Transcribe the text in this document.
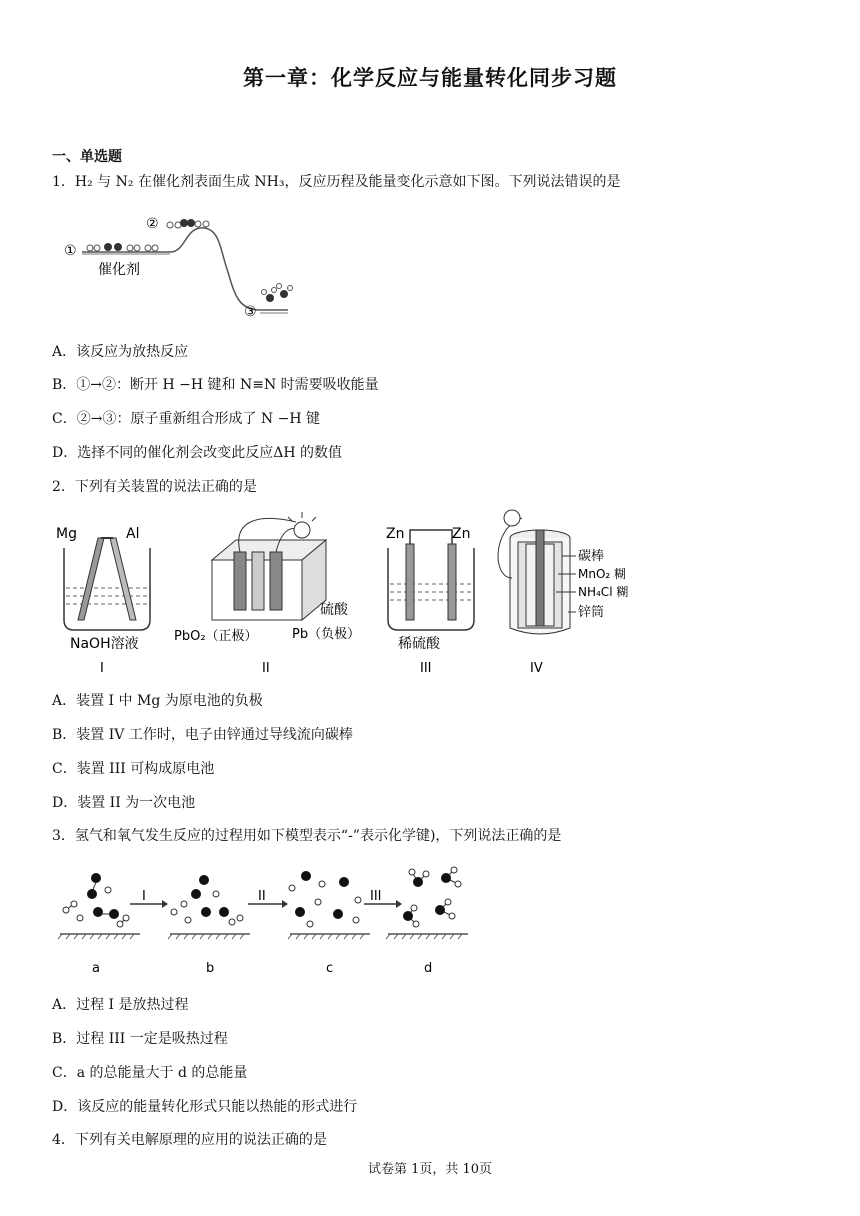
第一章：化学反应与能量转化同步习题
一、单选题
1．H₂ 与 N₂ 在催化剂表面生成 NH₃，反应历程及能量变化示意如下图。下列说法错误的是
①
②
③
催化剂
A．该反应为放热反应
B．①→②：断开 H −H 键和 N≡N 时需要吸收能量
C．②→③：原子重新组合形成了 N −H 键
D．选择不同的催化剂会改变此反应ΔH 的数值
2．下列有关装置的说法正确的是
Mg	Al
NaOH溶液
I
硫酸
PbO₂（正极）	Pb（负极）
II
Zn	Zn
稀硫酸
III
碳棒
MnO₂ 糊
NH₄Cl 糊
锌筒
IV
A．装置 I 中 Mg 为原电池的负极
B．装置 IV 工作时，电子由锌通过导线流向碳棒
C．装置 III 可构成原电池
D．装置 II 为一次电池
3．氢气和氧气发生反应的过程用如下模型表示“-”表示化学键)，下列说法正确的是
I	II	III
a	b	c	d
A．过程 I 是放热过程
B．过程 III 一定是吸热过程
C．a 的总能量大于 d 的总能量
D．该反应的能量转化形式只能以热能的形式进行
4．下列有关电解原理的应用的说法正确的是
试卷第 1页，共 10页
